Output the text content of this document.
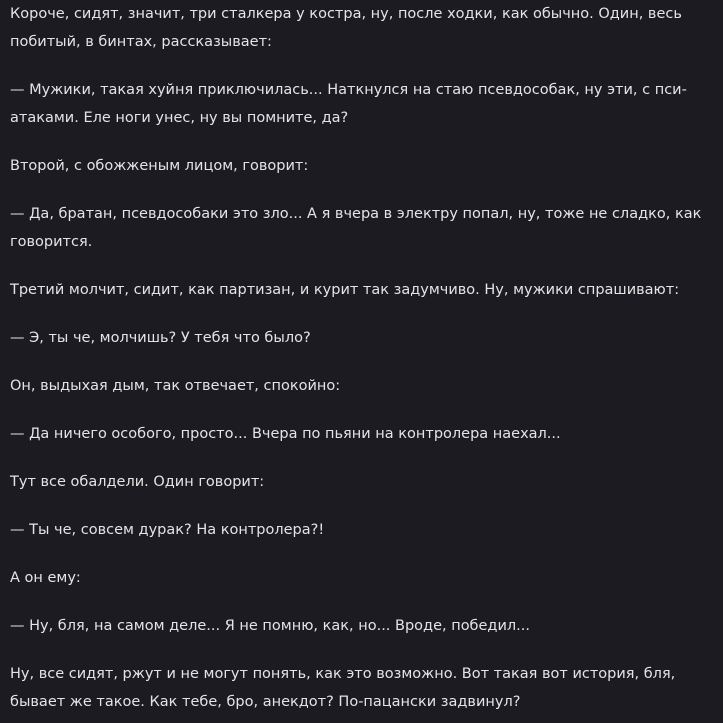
Короче, сидят, значит, три сталкера у костра, ну, после ходки, как обычно. Один, весь побитый, в бинтах, рассказывает:

— Мужики, такая хуйня приключилась... Наткнулся на стаю псевдособак, ну эти, с пси-атаками. Еле ноги унес, ну вы помните, да?

Второй, с обожженым лицом, говорит:

— Да, братан, псевдособаки это зло... А я вчера в электру попал, ну, тоже не сладко, как говорится.

Третий молчит, сидит, как партизан, и курит так задумчиво. Ну, мужики спрашивают:

— Э, ты че, молчишь? У тебя что было?

Он, выдыхая дым, так отвечает, спокойно:

— Да ничего особого, просто... Вчера по пьяни на контролера наехал...

Тут все обалдели. Один говорит:

— Ты че, совсем дурак? На контролера?!

А он ему:

— Ну, бля, на самом деле... Я не помню, как, но... Вроде, победил...

Ну, все сидят, ржут и не могут понять, как это возможно. Вот такая вот история, бля, бывает же такое. Как тебе, бро, анекдот? По-пацански задвинул?
